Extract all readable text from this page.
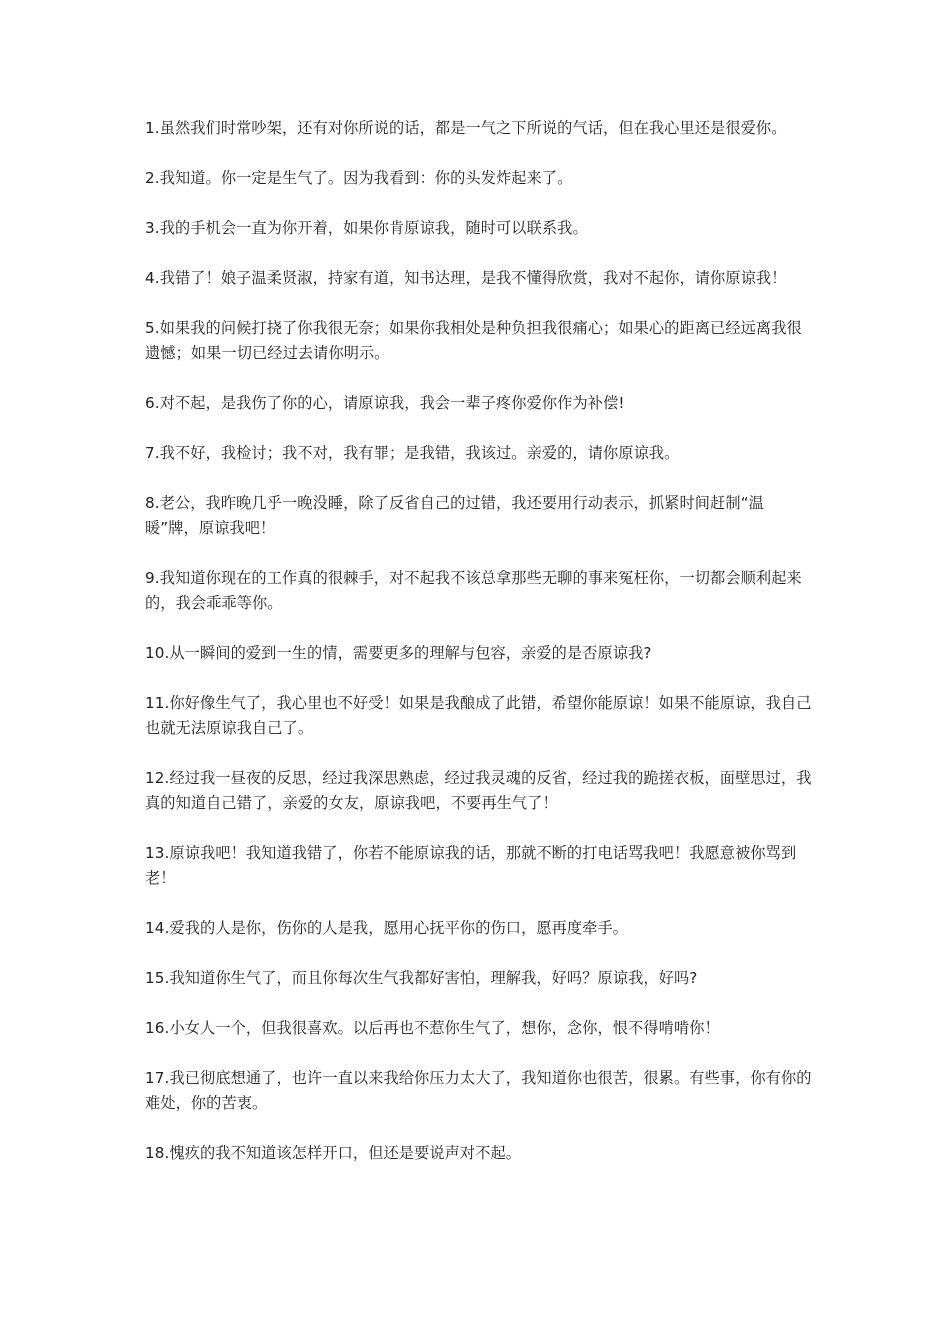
1.虽然我们时常吵架，还有对你所说的话，都是一气之下所说的气话，但在我心里还是很爱你。

2.我知道。你一定是生气了。因为我看到：你的头发炸起来了。

3.我的手机会一直为你开着，如果你肯原谅我，随时可以联系我。

4.我错了！娘子温柔贤淑，持家有道，知书达理，是我不懂得欣赏，我对不起你，请你原谅我！

5.如果我的问候打挠了你我很无奈；如果你我相处是种负担我很痛心；如果心的距离已经远离我很遗憾；如果一切已经过去请你明示。

6.对不起，是我伤了你的心，请原谅我，我会一辈子疼你爱你作为补偿!

7.我不好，我检讨；我不对，我有罪；是我错，我该过。亲爱的，请你原谅我。

8.老公，我昨晚几乎一晚没睡，除了反省自己的过错，我还要用行动表示，抓紧时间赶制“温暖”牌，原谅我吧！

9.我知道你现在的工作真的很棘手，对不起我不该总拿那些无聊的事来冤枉你，一切都会顺利起来的，我会乖乖等你。

10.从一瞬间的爱到一生的情，需要更多的理解与包容，亲爱的是否原谅我?

11.你好像生气了，我心里也不好受！如果是我酿成了此错，希望你能原谅！如果不能原谅，我自己也就无法原谅我自己了。

12.经过我一昼夜的反思，经过我深思熟虑，经过我灵魂的反省，经过我的跪搓衣板，面壁思过，我真的知道自己错了，亲爱的女友，原谅我吧，不要再生气了！

13.原谅我吧！我知道我错了，你若不能原谅我的话，那就不断的打电话骂我吧！我愿意被你骂到老！

14.爱我的人是你，伤你的人是我，愿用心抚平你的伤口，愿再度牵手。

15.我知道你生气了，而且你每次生气我都好害怕，理解我，好吗？原谅我，好吗?

16.小女人一个，但我很喜欢。以后再也不惹你生气了，想你，念你，恨不得啃啃你！

17.我已彻底想通了，也许一直以来我给你压力太大了，我知道你也很苦，很累。有些事，你有你的难处，你的苦衷。

18.愧疚的我不知道该怎样开口，但还是要说声对不起。
